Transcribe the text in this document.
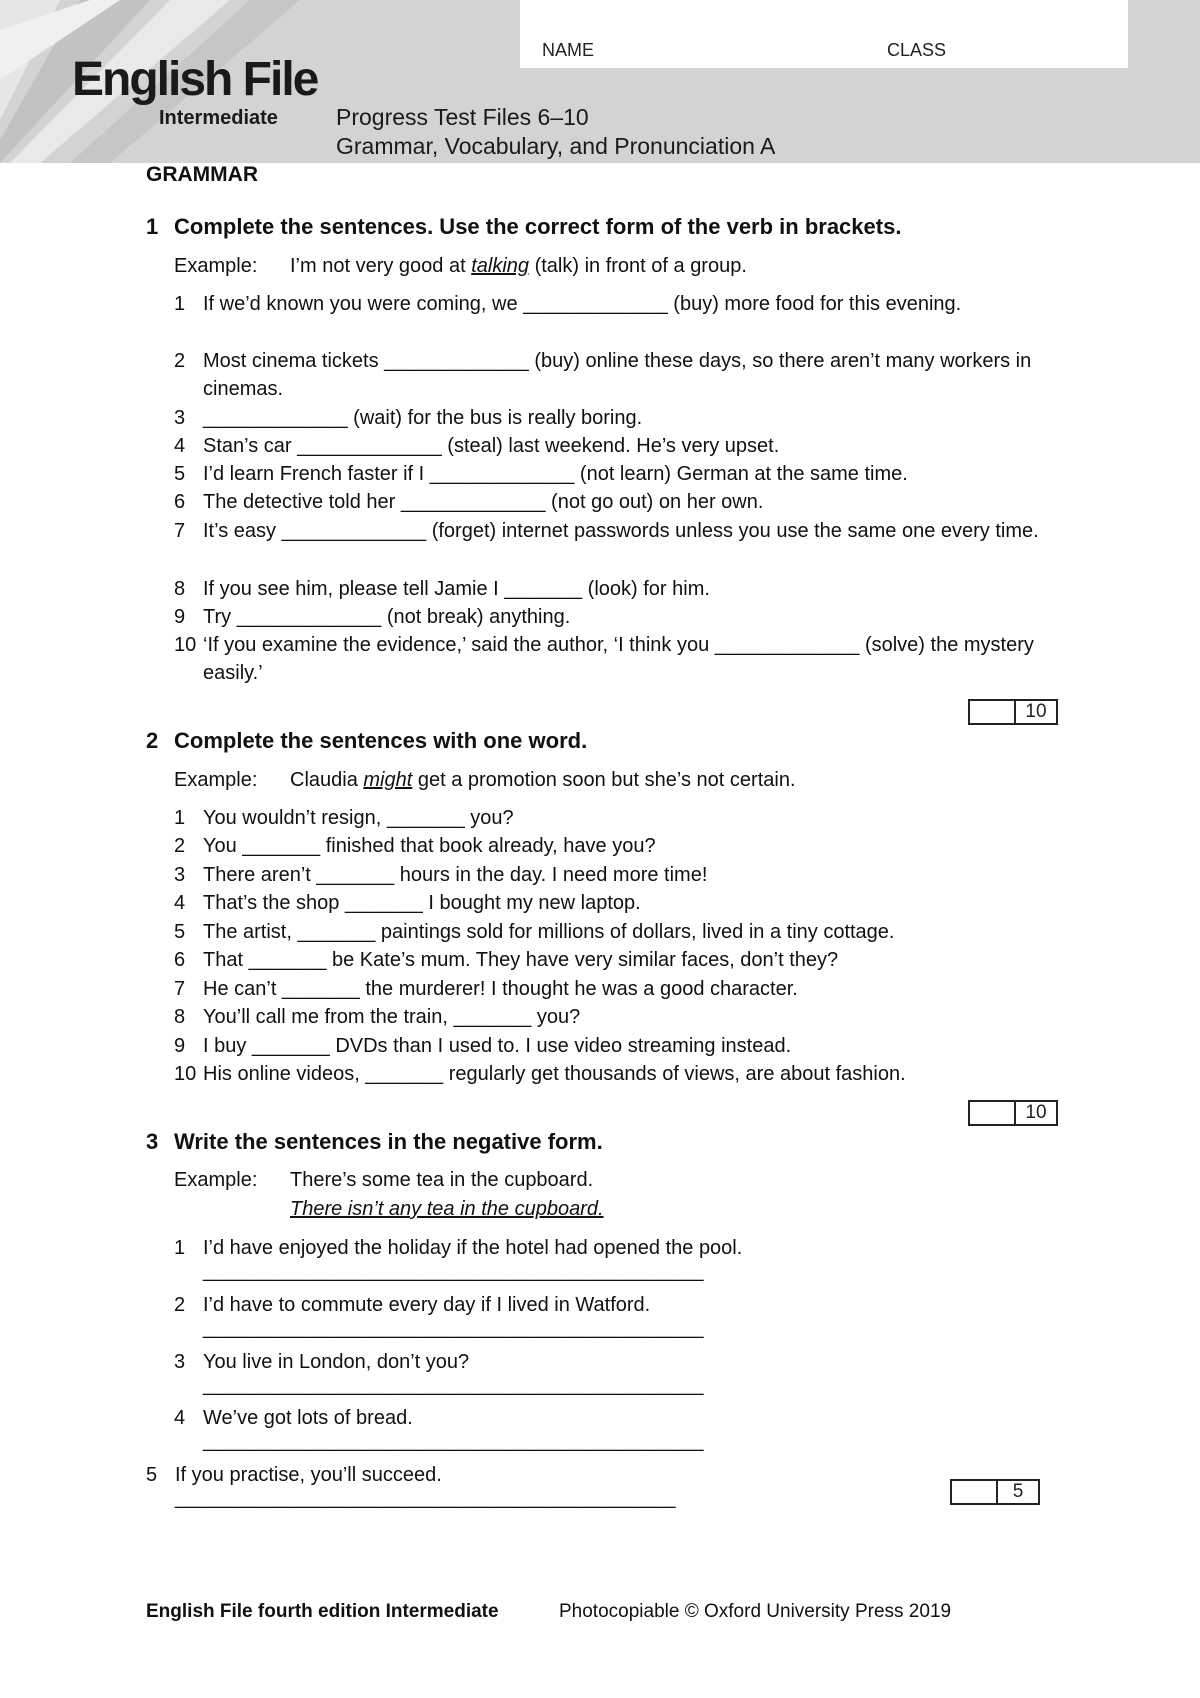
English File
Intermediate
NAME	CLASS
Progress Test Files 6–10
Grammar, Vocabulary, and Pronunciation A
GRAMMAR
1 Complete the sentences. Use the correct form of the verb in brackets.
Example: I’m not very good at talking (talk) in front of a group.
1 If we’d known you were coming, we _____________ (buy) more food for this evening.
2 Most cinema tickets _____________ (buy) online these days, so there aren’t many workers in cinemas.
3 _____________ (wait) for the bus is really boring.
4 Stan’s car _____________ (steal) last weekend. He’s very upset.
5 I’d learn French faster if I _____________ (not learn) German at the same time.
6 The detective told her _____________ (not go out) on her own.
7 It’s easy _____________ (forget) internet passwords unless you use the same one every time.
8 If you see him, please tell Jamie I _______ (look) for him.
9 Try _____________ (not break) anything.
10 ‘If you examine the evidence,’ said the author, ‘I think you _____________ (solve) the mystery easily.’
10
2 Complete the sentences with one word.
Example: Claudia might get a promotion soon but she’s not certain.
1 You wouldn’t resign, _______ you?
2 You _______ finished that book already, have you?
3 There aren’t _______ hours in the day. I need more time!
4 That’s the shop _______ I bought my new laptop.
5 The artist, _______ paintings sold for millions of dollars, lived in a tiny cottage.
6 That _______ be Kate’s mum. They have very similar faces, don’t they?
7 He can’t _______ the murderer! I thought he was a good character.
8 You’ll call me from the train, _______ you?
9 I buy _______ DVDs than I used to. I use video streaming instead.
10 His online videos, _______ regularly get thousands of views, are about fashion.
10
3 Write the sentences in the negative form.
Example: There’s some tea in the cupboard.
There isn’t any tea in the cupboard.
1 I’d have enjoyed the holiday if the hotel had opened the pool.
_____________________________________________
2 I’d have to commute every day if I lived in Watford.
_____________________________________________
3 You live in London, don’t you?
_____________________________________________
4 We’ve got lots of bread.
_____________________________________________
5 If you practise, you’ll succeed.
_____________________________________________	5
English File fourth edition Intermediate	Photocopiable © Oxford University Press 2019
